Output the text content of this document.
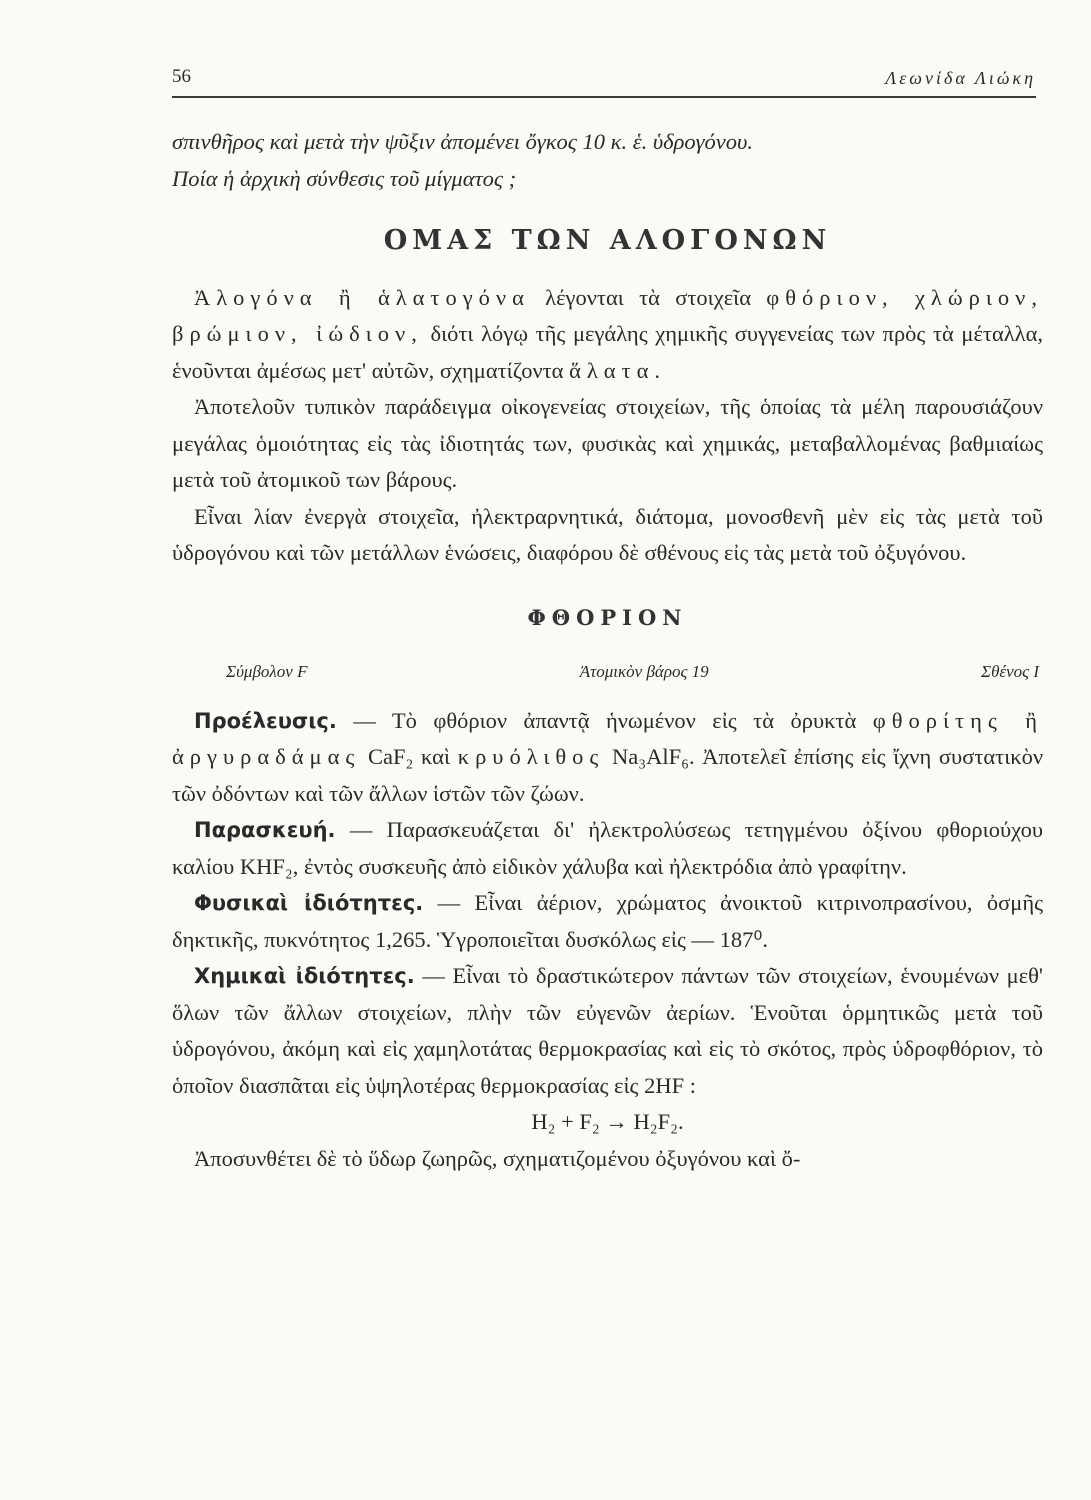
56	Λεωνίδα Λιώκη

σπινθῆρος καὶ μετὰ τὴν ψῦξιν ἀπομένει ὄγκος 10 κ. ἑ. ὑδρογόνου.

Ποία ἡ ἀρχικὴ σύνθεσις τοῦ μίγματος ;

ΟΜΑΣ ΤΩΝ ΑΛΟΓΟΝΩΝ

Ἀλογόνα ἢ ἁλατογόνα λέγονται τὰ στοιχεῖα φθόριον, χλώριον, βρώμιον, ἰώδιον, διότι λόγῳ τῆς μεγάλης χημικῆς συγγενείας των πρὸς τὰ μέταλλα, ἑνοῦνται ἀμέσως μετ' αὐτῶν, σχηματίζοντα ἅλατα.

Ἀποτελοῦν τυπικὸν παράδειγμα οἰκογενείας στοιχείων, τῆς ὁποίας τὰ μέλη παρουσιάζουν μεγάλας ὁμοιότητας εἰς τὰς ἰδιοτητάς των, φυσικὰς καὶ χημικάς, μεταβαλλομένας βαθμιαίως μετὰ τοῦ ἀτομικοῦ των βάρους.

Εἶναι λίαν ἐνεργὰ στοιχεῖα, ἠλεκτραρνητικά, διάτομα, μονοσθενῆ μὲν εἰς τὰς μετὰ τοῦ ὑδρογόνου καὶ τῶν μετάλλων ἑνώσεις, διαφόρου δὲ σθένους εἰς τὰς μετὰ τοῦ ὀξυγόνου.

ΦΘΟΡΙΟΝ
Σύμβολον F	Ἀτομικὸν βάρος 19	Σθένος I

Προέλευσις. — Τὸ φθόριον ἀπαντᾷ ἡνωμένον εἰς τὰ ὀρυκτὰ φθορίτης ἢ ἀργυραδάμας CaF₂ καὶ κρυόλιθος Na₃AlF₆. Ἀποτελεῖ ἐπίσης εἰς ἴχνη συστατικὸν τῶν ὀδόντων καὶ τῶν ἄλλων ἱστῶν τῶν ζώων.

Παρασκευή. — Παρασκευάζεται δι' ἠλεκτρολύσεως τετηγμένου ὀξίνου φθοριούχου καλίου KHF₂, ἐντὸς συσκευῆς ἀπὸ εἰδικὸν χάλυβα καὶ ἠλεκτρόδια ἀπὸ γραφίτην.

Φυσικαὶ ἰδιότητες. — Εἶναι ἀέριον, χρώματος ἀνοικτοῦ κιτρινοπρασίνου, ὀσμῆς δηκτικῆς, πυκνότητος 1,265. Ὑγροποιεῖται δυσκόλως εἰς — 187⁰.

Χημικαὶ ἰδιότητες. — Εἶναι τὸ δραστικώτερον πάντων τῶν στοιχείων, ἑνουμένων μεθ' ὅλων τῶν ἄλλων στοιχείων, πλὴν τῶν εὐγενῶν ἀερίων. Ἑνοῦται ὁρμητικῶς μετὰ τοῦ ὑδρογόνου, ἀκόμη καὶ εἰς χαμηλοτάτας θερμοκρασίας καὶ εἰς τὸ σκότος, πρὸς ὑδροφθόριον, τὸ ὁποῖον διασπᾶται εἰς ὑψηλοτέρας θερμοκρασίας εἰς 2HF :

H₂ + F₂ → H₂F₂.

Ἀποσυνθέτει δὲ τὸ ὕδωρ ζωηρῶς, σχηματιζομένου ὀξυγόνου καὶ ὄ-
